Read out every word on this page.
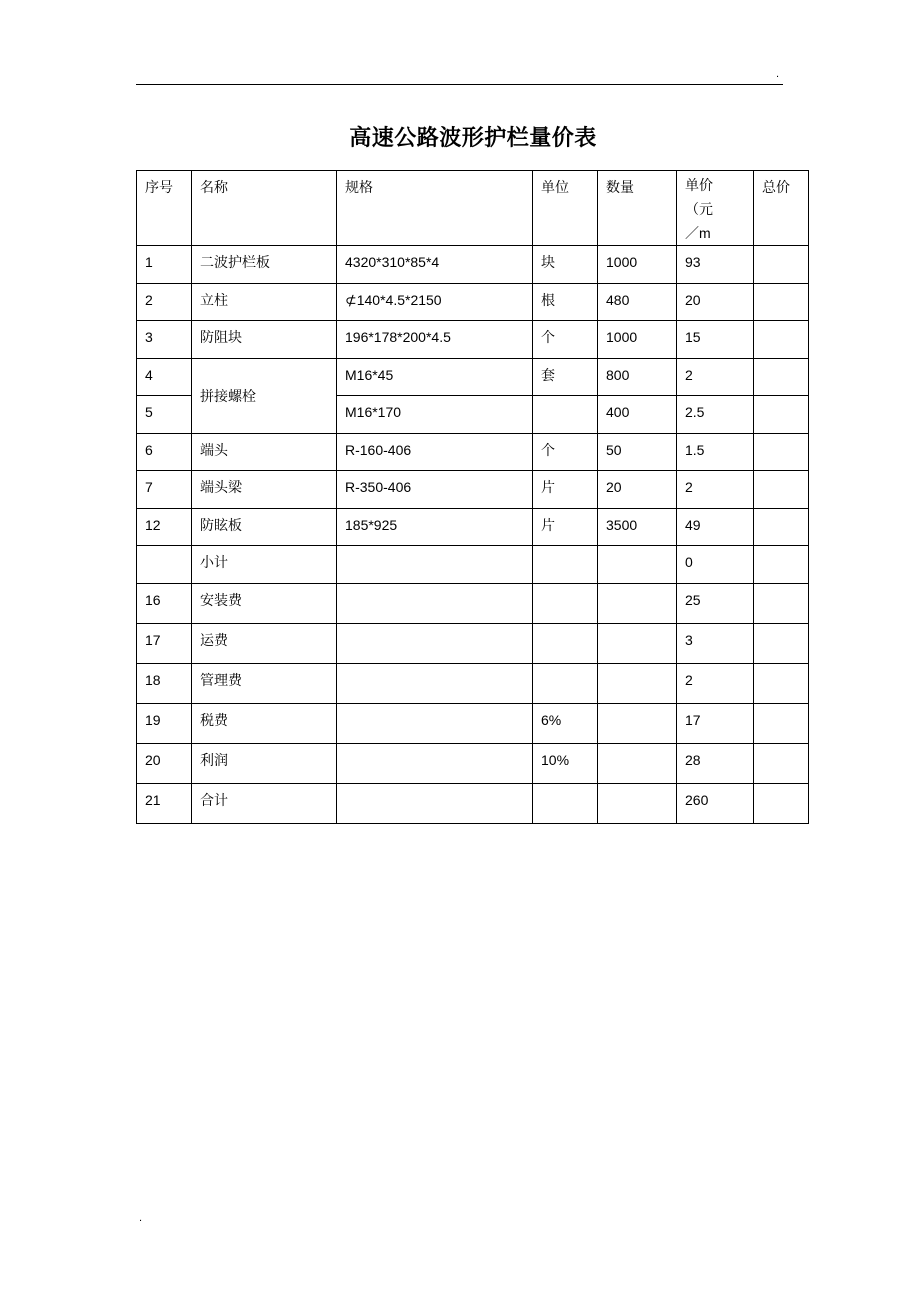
.
高速公路波形护栏量价表
序号	名称	规格	单位	数量	单价
（元
／m	总价
1	二波护栏板	4320*310*85*4	块	1000	93	
2	立柱	⊄140*4.5*2150	根	480	20	
3	防阻块	196*178*200*4.5	个	1000	15	
4	拼接螺栓	M16*45	套	800	2	
5		M16*170		400	2.5	
6	端头	R-160-406	个	50	1.5	
7	端头梁	R-350-406	片	20	2	
12	防眩板	185*925	片	3500	49	
	小计				0	
16	安装费				25	
17	运费				3	
18	管理费				2	
19	税费		6%		17	
20	利润		10%		28	
21	合计				260	
.
